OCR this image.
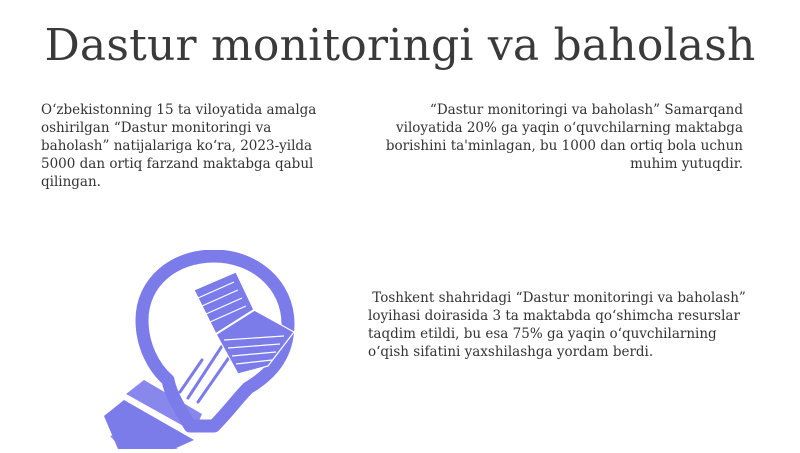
Dastur monitoringi va baholash

O‘zbekistonning 15 ta viloyatida amalga oshirilgan “Dastur monitoringi va baholash” natijalariga ko‘ra, 2023-yilda 5000 dan ortiq farzand maktabga qabul qilingan.

“Dastur monitoringi va baholash” Samarqand viloyatida 20% ga yaqin o‘quvchilarning maktabga borishini ta'minlagan, bu 1000 dan ortiq bola uchun muhim yutuqdir.

Toshkent shahridagi “Dastur monitoringi va baholash” loyihasi doirasida 3 ta maktabda qo‘shimcha resurslar taqdim etildi, bu esa 75% ga yaqin o‘quvchilarning o‘qish sifatini yaxshilashga yordam berdi.
